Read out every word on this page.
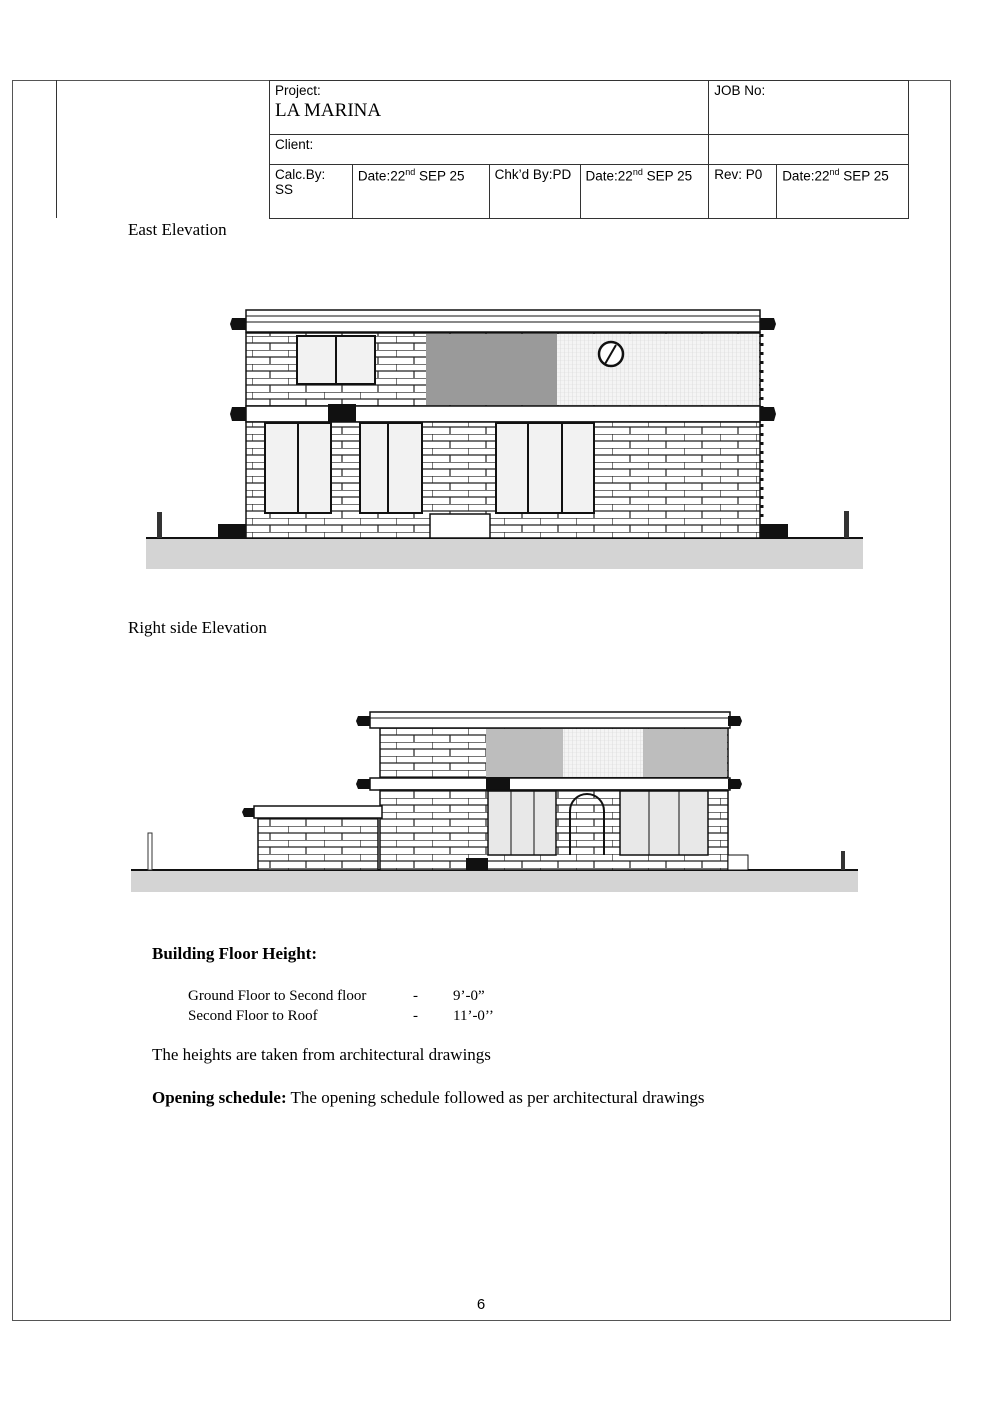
Project:
LA MARINA				JOB No:	
Client:					
Calc.By: SS	Date:22nd SEP 25	Chk’d By:PD	Date:22nd SEP 25	Rev: P0	Date:22nd SEP 25
East Elevation
Right side Elevation
Building Floor Height:
Ground Floor to Second floor	-	9’-0”
Second Floor to Roof	-	11’-0’’
The heights are taken from architectural drawings
Opening schedule: The opening schedule followed as per architectural drawings
6
